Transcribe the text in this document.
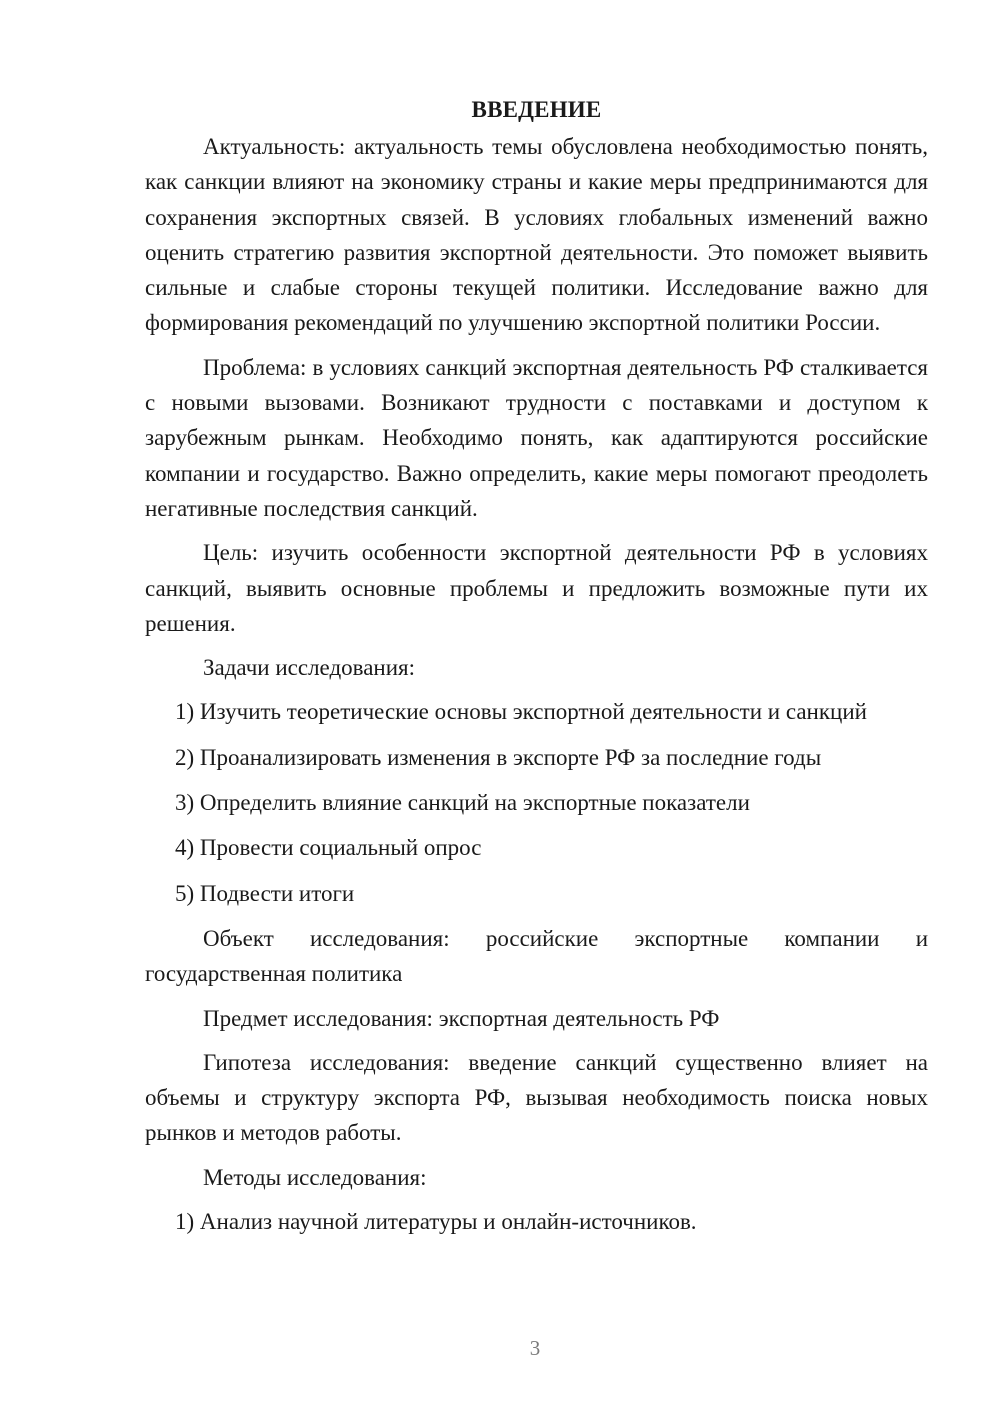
ВВЕДЕНИЕ

Актуальность: актуальность темы обусловлена необходимостью понять, как санкции влияют на экономику страны и какие меры предпринимаются для сохранения экспортных связей. В условиях глобальных изменений важно оценить стратегию развития экспортной деятельности. Это поможет выявить сильные и слабые стороны текущей политики. Исследование важно для формирования рекомендаций по улучшению экспортной политики России.

Проблема: в условиях санкций экспортная деятельность РФ сталкивается с новыми вызовами. Возникают трудности с поставками и доступом к зарубежным рынкам. Необходимо понять, как адаптируются российские компании и государство. Важно определить, какие меры помогают преодолеть негативные последствия санкций.

Цель: изучить особенности экспортной деятельности РФ в условиях санкций, выявить основные проблемы и предложить возможные пути их решения.

Задачи исследования:

1) Изучить теоретические основы экспортной деятельности и санкций

2) Проанализировать изменения в экспорте РФ за последние годы

3) Определить влияние санкций на экспортные показатели

4) Провести социальный опрос

5) Подвести итоги

Объект исследования: российские экспортные компании и государственная политика

Предмет исследования: экспортная деятельность РФ

Гипотеза исследования: введение санкций существенно влияет на объемы и структуру экспорта РФ, вызывая необходимость поиска новых рынков и методов работы.

Методы исследования:

1) Анализ научной литературы и онлайн-источников.

3
